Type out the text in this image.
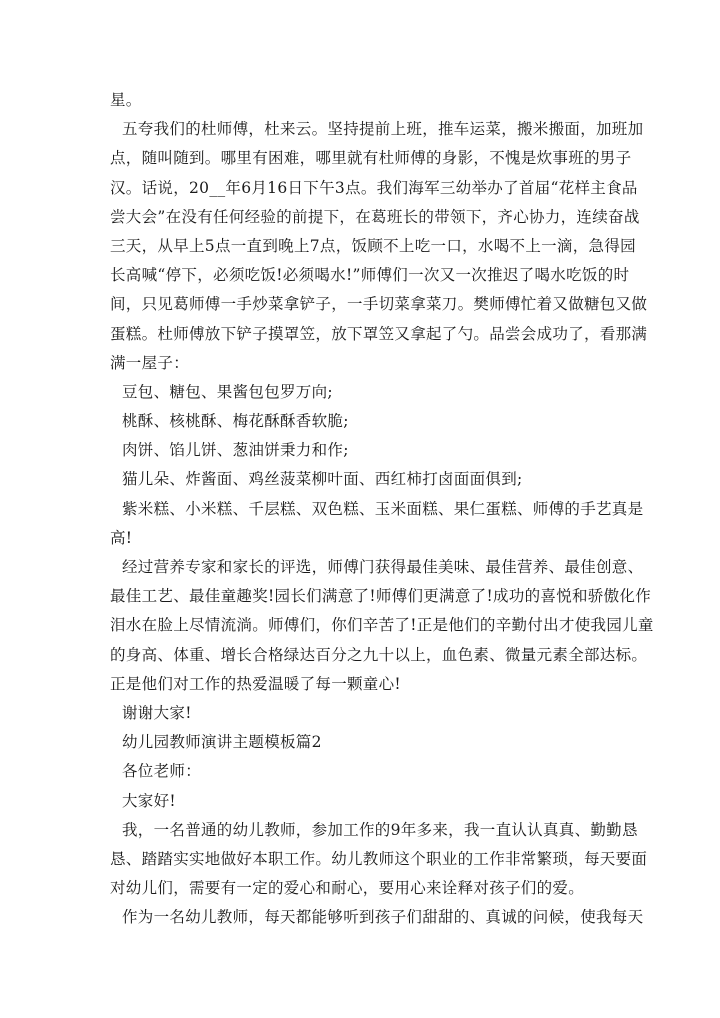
星。
五夸我们的杜师傅，杜来云。坚持提前上班，推车运菜，搬米搬面，加班加
点，随叫随到。哪里有困难，哪里就有杜师傅的身影，不愧是炊事班的男子
汉。话说，20__年6月16日下午3点。我们海军三幼举办了首届“花样主食品
尝大会”在没有任何经验的前提下，在葛班长的带领下，齐心协力，连续奋战
三天，从早上5点一直到晚上7点，饭顾不上吃一口，水喝不上一滴，急得园
长高喊“停下，必须吃饭!必须喝水!”师傅们一次又一次推迟了喝水吃饭的时
间，只见葛师傅一手炒菜拿铲子，一手切菜拿菜刀。樊师傅忙着又做糖包又做
蛋糕。杜师傅放下铲子摸罩笠，放下罩笠又拿起了勺。品尝会成功了，看那满
满一屋子：
豆包、糖包、果酱包包罗万向;
桃酥、核桃酥、梅花酥酥香软脆;
肉饼、馅儿饼、葱油饼秉力和作;
猫儿朵、炸酱面、鸡丝菠菜柳叶面、西红柿打卤面面俱到;
紫米糕、小米糕、千层糕、双色糕、玉米面糕、果仁蛋糕、师傅的手艺真是
高!
经过营养专家和家长的评选，师傅门获得最佳美味、最佳营养、最佳创意、
最佳工艺、最佳童趣奖!园长们满意了!师傅们更满意了!成功的喜悦和骄傲化作
泪水在脸上尽情流淌。师傅们，你们辛苦了!正是他们的辛勤付出才使我园儿童
的身高、体重、增长合格绿达百分之九十以上，血色素、微量元素全部达标。
正是他们对工作的热爱温暖了每一颗童心!
谢谢大家!
幼儿园教师演讲主题模板篇2
各位老师：
大家好!
我，一名普通的幼儿教师，参加工作的9年多来，我一直认认真真、勤勤恳
恳、踏踏实实地做好本职工作。幼儿教师这个职业的工作非常繁琐，每天要面
对幼儿们，需要有一定的爱心和耐心，要用心来诠释对孩子们的爱。
作为一名幼儿教师，每天都能够听到孩子们甜甜的、真诚的问候，使我每天
